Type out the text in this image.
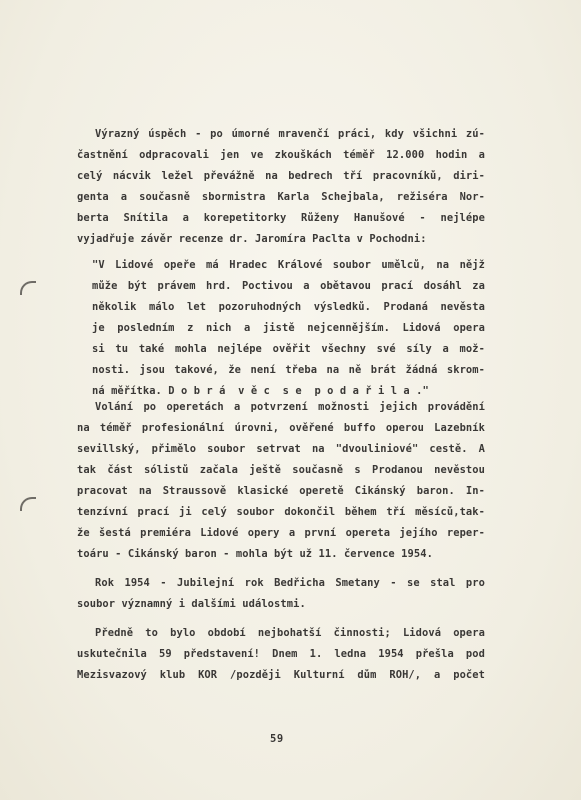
Výrazný úspěch - po úmorné mravenčí práci, kdy všichni zú-
častnění odpracovali jen ve zkouškách téměř 12.000 hodin a
celý nácvik ležel převážně na bedrech tří pracovníků, diri-
genta a současně sbormistra Karla Schejbala, režiséra Nor-
berta Snítila a korepetitorky Růženy Hanušové - nejlépe
vyjadřuje závěr recenze dr. Jaromíra Paclta v Pochodni:
"V Lidové opeře má Hradec Králové soubor umělců, na nějž
může být právem hrd. Poctivou a obětavou prací dosáhl za
několik málo let pozoruhodných výsledků. Prodaná nevěsta
je posledním z nich a jistě nejcennějším. Lidová opera
si tu také mohla nejlépe ověřit všechny své síly a mož-
nosti. jsou takové, že není třeba na ně brát žádná skrom-
ná měřítka. D o b r á  v ě c  s e  p o d a ř i l a ."
Volání po operetách a potvrzení možnosti jejich provádění
na téměř profesionální úrovni, ověřené buffo operou Lazebník
sevillský, přimělo soubor setrvat na "dvouliniové" cestě. A
tak část sólistů začala ještě současně s Prodanou nevěstou
pracovat na Straussově klasické operetě Cikánský baron. In-
tenzívní prací ji celý soubor dokončil během tří měsíců,tak-
že šestá premiéra Lidové opery a první opereta jejího reper-
toáru - Cikánský baron - mohla být už 11. července 1954.
Rok 1954 - Jubilejní rok Bedřicha Smetany - se stal pro
soubor významný i dalšími událostmi.
Předně to bylo období nejbohatší činnosti; Lidová opera
uskutečnila 59 představení! Dnem 1. ledna 1954 přešla pod
Mezisvazový klub KOR /později Kulturní dům ROH/, a počet
59
